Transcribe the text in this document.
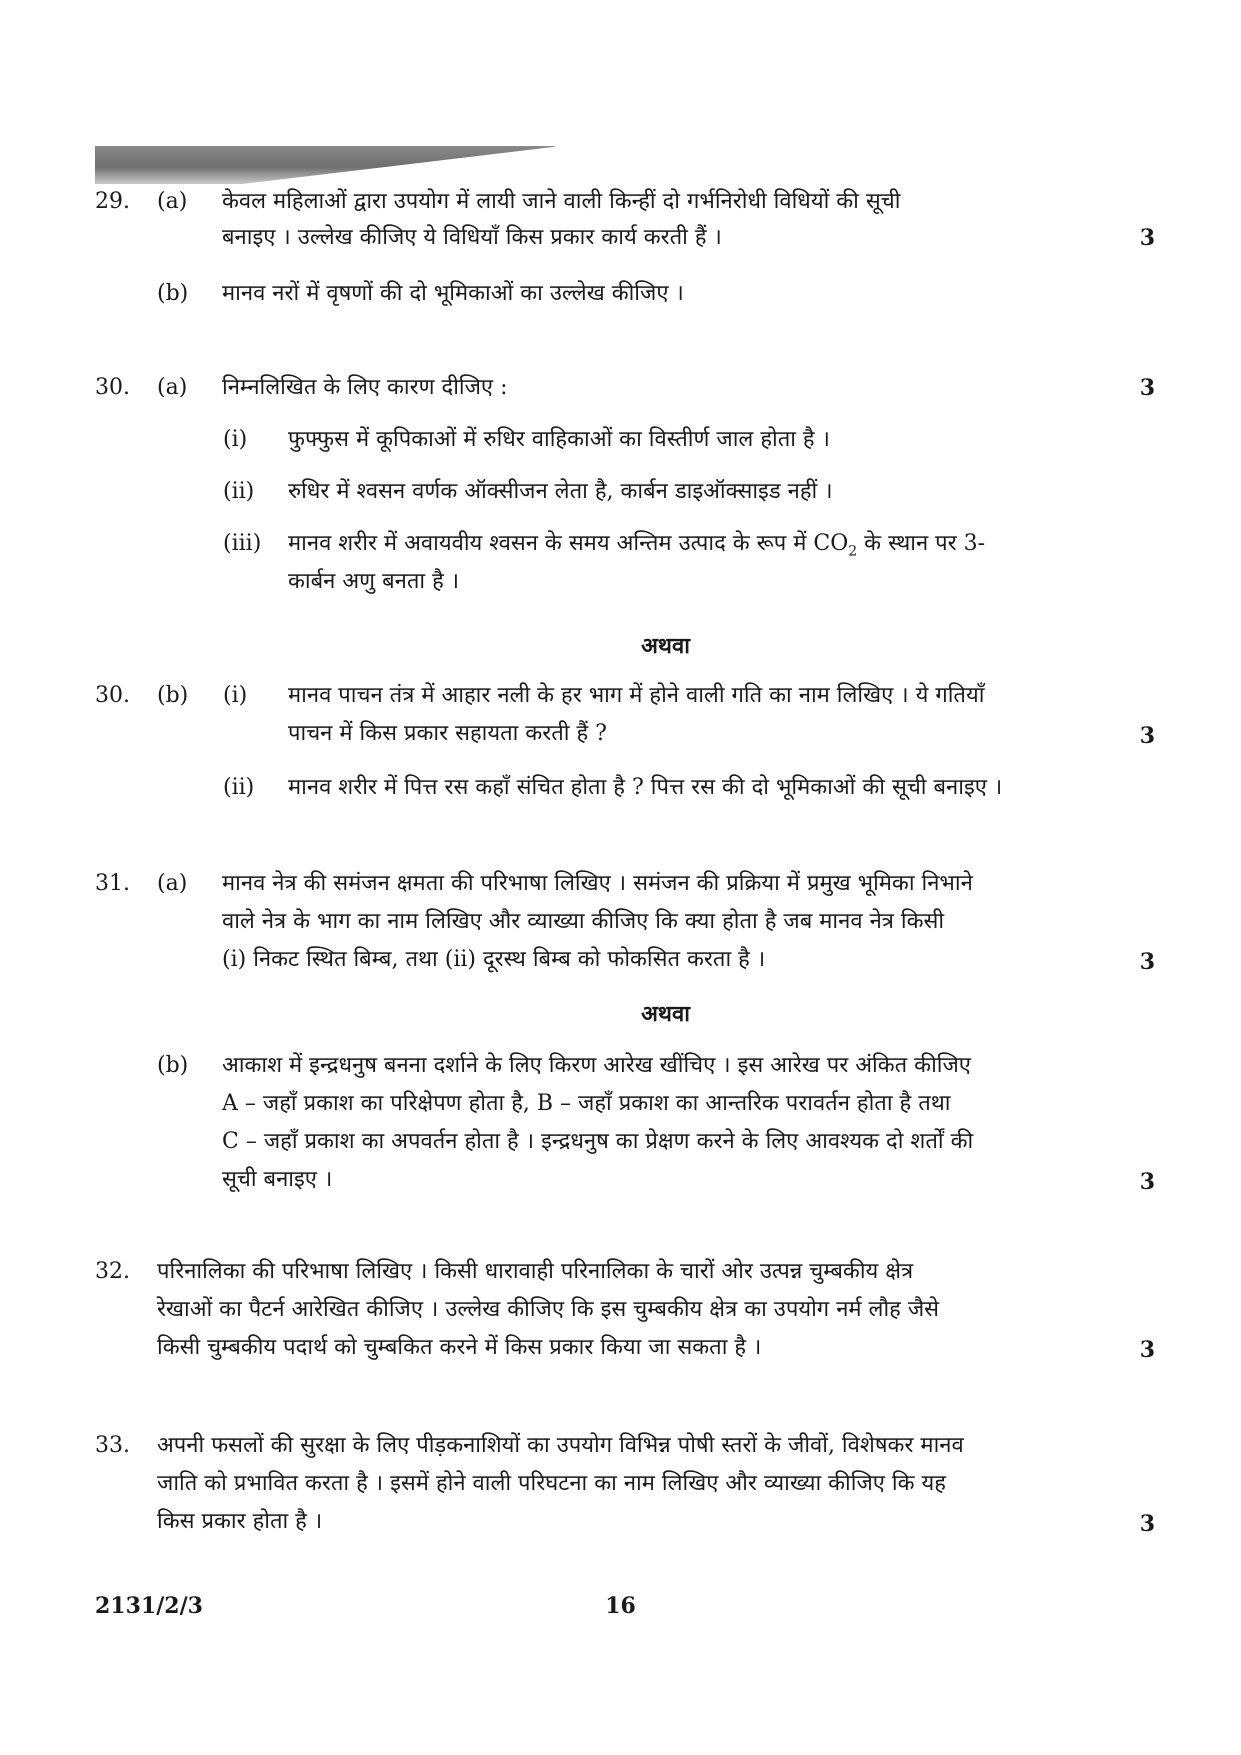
29.	(a)	केवल महिलाओं द्वारा उपयोग में लायी जाने वाली किन्हीं दो गर्भनिरोधी विधियों की सूची
बनाइए । उल्लेख कीजिए ये विधियाँ किस प्रकार कार्य करती हैं ।	3
(b)	मानव नरों में वृषणों की दो भूमिकाओं का उल्लेख कीजिए ।
30.	(a)	निम्नलिखित के लिए कारण दीजिए :	3
(i)	फुफ्फुस में कूपिकाओं में रुधिर वाहिकाओं का विस्तीर्ण जाल होता है ।
(ii)	रुधिर में श्वसन वर्णक ऑक्सीजन लेता है, कार्बन डाइऑक्साइड नहीं ।
(iii)	मानव शरीर में अवायवीय श्वसन के समय अन्तिम उत्पाद के रूप में $CO_2$ के स्थान पर 3-
कार्बन अणु बनता है ।
अथवा
30.	(b)	(i)	मानव पाचन तंत्र में आहार नली के हर भाग में होने वाली गति का नाम लिखिए । ये गतियाँ
पाचन में किस प्रकार सहायता करती हैं ?	3
(ii)	मानव शरीर में पित्त रस कहाँ संचित होता है ? पित्त रस की दो भूमिकाओं की सूची बनाइए ।
31.	(a)	मानव नेत्र की समंजन क्षमता की परिभाषा लिखिए । समंजन की प्रक्रिया में प्रमुख भूमिका निभाने
वाले नेत्र के भाग का नाम लिखिए और व्याख्या कीजिए कि क्या होता है जब मानव नेत्र किसी
(i) निकट स्थित बिम्ब, तथा (ii) दूरस्थ बिम्ब को फोकसित करता है ।	3
अथवा
(b)	आकाश में इन्द्रधनुष बनना दर्शाने के लिए किरण आरेख खींचिए । इस आरेख पर अंकित कीजिए
A – जहाँ प्रकाश का परिक्षेपण होता है, B – जहाँ प्रकाश का आन्तरिक परावर्तन होता है तथा
C – जहाँ प्रकाश का अपवर्तन होता है । इन्द्रधनुष का प्रेक्षण करने के लिए आवश्यक दो शर्तों की
सूची बनाइए ।	3
32.	परिनालिका की परिभाषा लिखिए । किसी धारावाही परिनालिका के चारों ओर उत्पन्न चुम्बकीय क्षेत्र
रेखाओं का पैटर्न आरेखित कीजिए । उल्लेख कीजिए कि इस चुम्बकीय क्षेत्र का उपयोग नर्म लौह जैसे
किसी चुम्बकीय पदार्थ को चुम्बकित करने में किस प्रकार किया जा सकता है ।	3
33.	अपनी फसलों की सुरक्षा के लिए पीड़कनाशियों का उपयोग विभिन्न पोषी स्तरों के जीवों, विशेषकर मानव
जाति को प्रभावित करता है । इसमें होने वाली परिघटना का नाम लिखिए और व्याख्या कीजिए कि यह
किस प्रकार होता है ।	3
2131/2/3	16
